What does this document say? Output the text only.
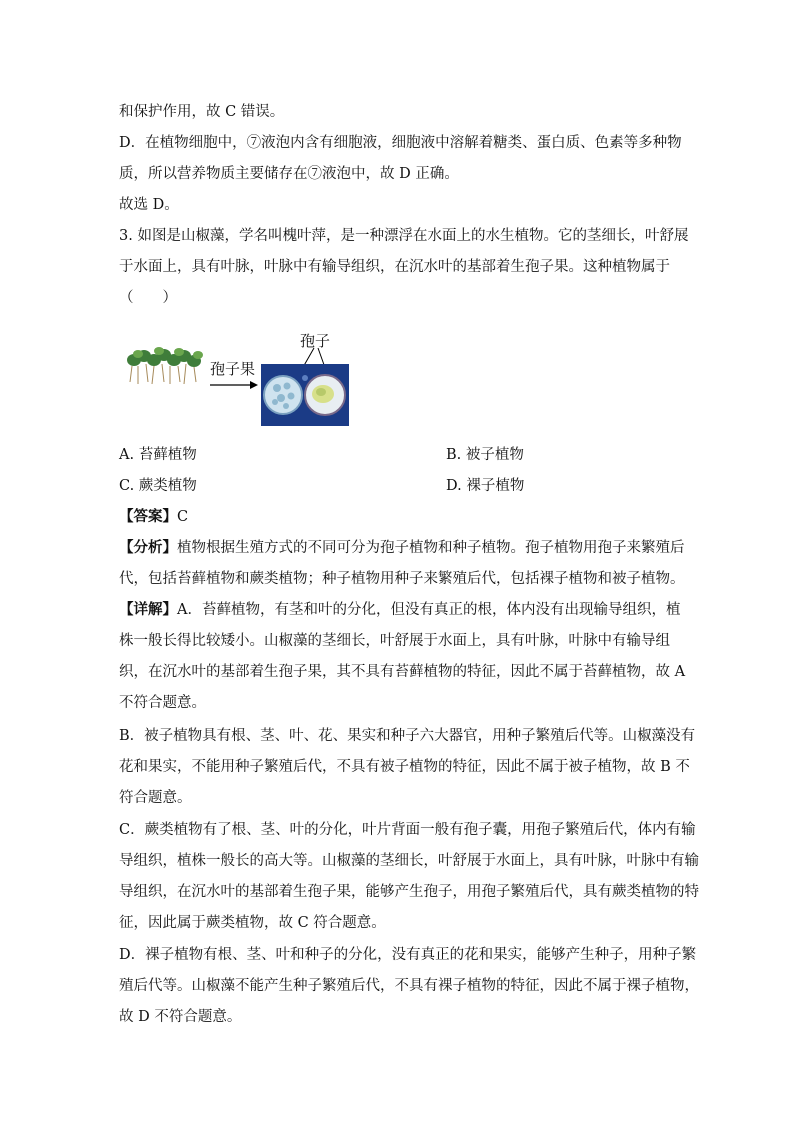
和保护作用，故 C 错误。
D．在植物细胞中，⑦液泡内含有细胞液，细胞液中溶解着糖类、蛋白质、色素等多种物
质，所以营养物质主要储存在⑦液泡中，故 D 正确。
故选 D。
3. 如图是山椒藻，学名叫槐叶萍，是一种漂浮在水面上的水生植物。它的茎细长，叶舒展
于水面上，具有叶脉，叶脉中有输导组织，在沉水叶的基部着生孢子果。这种植物属于
（　　）
孢子果
孢子
A. 苔藓植物	B. 被子植物
C. 蕨类植物	D. 裸子植物
【答案】C
【分析】植物根据生殖方式的不同可分为孢子植物和种子植物。孢子植物用孢子来繁殖后
代，包括苔藓植物和蕨类植物；种子植物用种子来繁殖后代，包括裸子植物和被子植物。
【详解】A．苔藓植物，有茎和叶的分化，但没有真正的根，体内没有出现输导组织，植
株一般长得比较矮小。山椒藻的茎细长，叶舒展于水面上，具有叶脉，叶脉中有输导组
织，在沉水叶的基部着生孢子果，其不具有苔藓植物的特征，因此不属于苔藓植物，故 A
不符合题意。
B．被子植物具有根、茎、叶、花、果实和种子六大器官，用种子繁殖后代等。山椒藻没有
花和果实，不能用种子繁殖后代，不具有被子植物的特征，因此不属于被子植物，故 B 不
符合题意。
C．蕨类植物有了根、茎、叶的分化，叶片背面一般有孢子囊，用孢子繁殖后代，体内有输
导组织，植株一般长的高大等。山椒藻的茎细长，叶舒展于水面上，具有叶脉，叶脉中有输
导组织，在沉水叶的基部着生孢子果，能够产生孢子，用孢子繁殖后代，具有蕨类植物的特
征，因此属于蕨类植物，故 C 符合题意。
D．裸子植物有根、茎、叶和种子的分化，没有真正的花和果实，能够产生种子，用种子繁
殖后代等。山椒藻不能产生种子繁殖后代，不具有裸子植物的特征，因此不属于裸子植物，
故 D 不符合题意。
